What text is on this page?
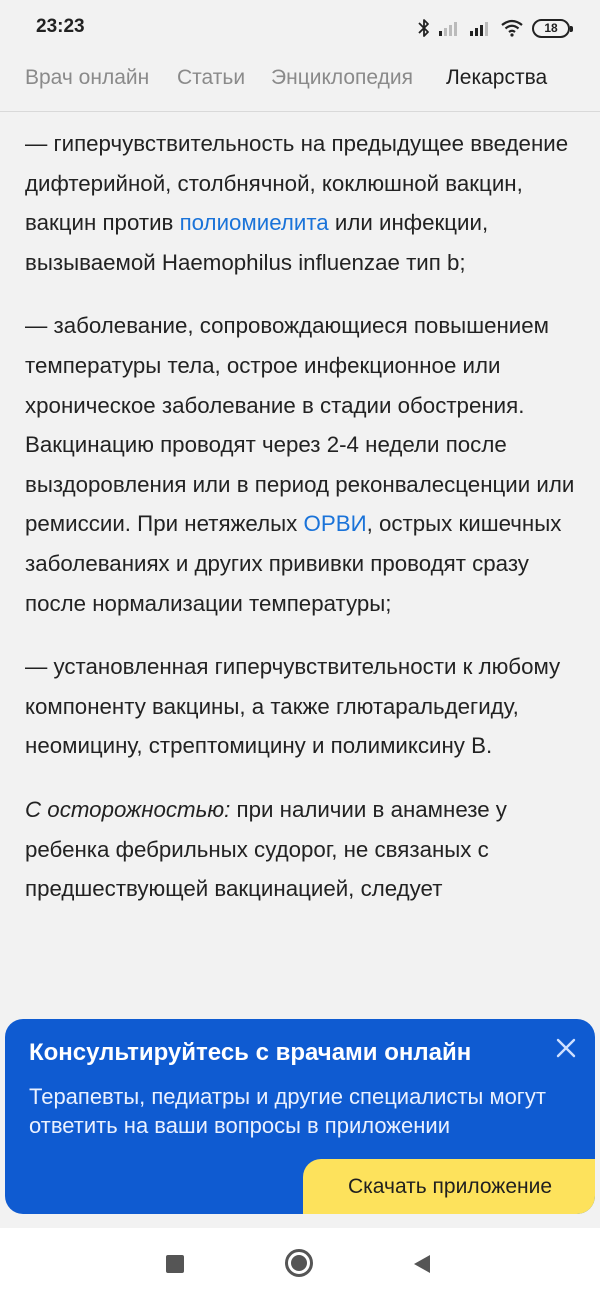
23:23	18
Врач онлайн Статьи Энциклопедия Лекарства

— гиперчувствительность на предыдущее введение дифтерийной, столбнячной, коклюшной вакцин, вакцин против полиомиелита или инфекции, вызываемой Haemophilus influenzae тип b;

— заболевание, сопровождающиеся повышением температуры тела, острое инфекционное или хроническое заболевание в стадии обострения. Вакцинацию проводят через 2-4 недели после выздоровления или в период реконвалесценции или ремиссии. При нетяжелых ОРВИ, острых кишечных заболеваниях и других прививки проводят сразу после нормализации температуры;

— установленная гиперчувствительности к любому компоненту вакцины, а также глютаральдегиду, неомицину, стрептомицину и полимиксину В.

С осторожностью: при наличии в анамнезе у ребенка фебрильных судорог, не связаных с предшествующей вакцинацией, следует

Консультируйтесь с врачами онлайн
Терапевты, педиатры и другие специалисты могут ответить на ваши вопросы в приложении
Скачать приложение
